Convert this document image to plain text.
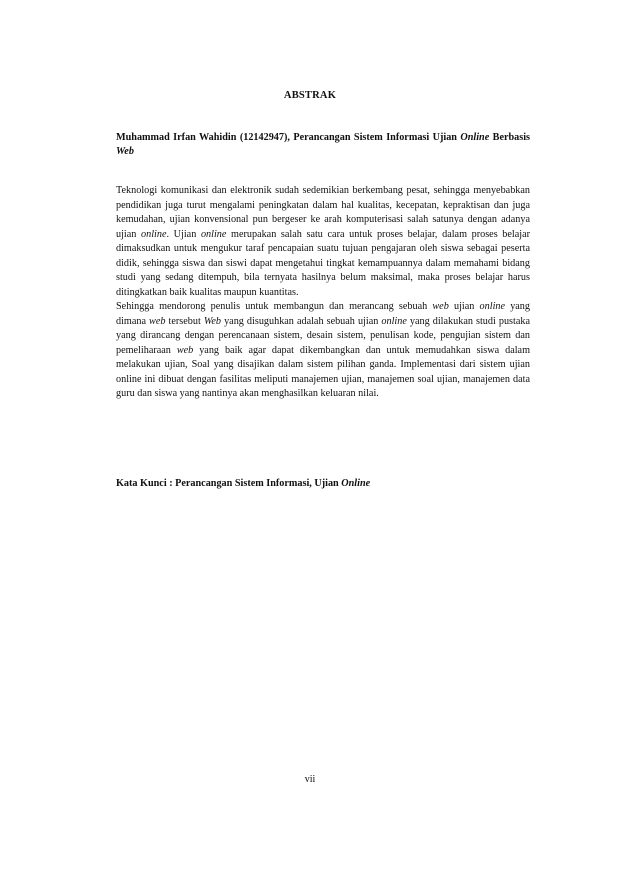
ABSTRAK
Muhammad Irfan Wahidin (12142947), Perancangan Sistem Informasi Ujian Online Berbasis Web

Teknologi komunikasi dan elektronik sudah sedemikian berkembang pesat, sehingga menyebabkan pendidikan juga turut mengalami peningkatan dalam hal kualitas, kecepatan, kepraktisan dan juga kemudahan, ujian konvensional pun bergeser ke arah komputerisasi salah satunya dengan adanya ujian online. Ujian online merupakan salah satu cara untuk proses belajar, dalam proses belajar dimaksudkan untuk mengukur taraf pencapaian suatu tujuan pengajaran oleh siswa sebagai peserta didik, sehingga siswa dan siswi dapat mengetahui tingkat kemampuannya dalam memahami bidang studi yang sedang ditempuh, bila ternyata hasilnya belum maksimal, maka proses belajar harus ditingkatkan baik kualitas maupun kuantitas.

Sehingga mendorong penulis untuk membangun dan merancang sebuah web ujian online yang dimana web tersebut Web yang disuguhkan adalah sebuah ujian online yang dilakukan studi pustaka yang dirancang dengan perencanaan sistem, desain sistem, penulisan kode, pengujian sistem dan pemeliharaan web yang baik agar dapat dikembangkan dan untuk memudahkan siswa dalam melakukan ujian, Soal yang disajikan dalam sistem pilihan ganda. Implementasi dari sistem ujian online ini dibuat dengan fasilitas meliputi manajemen ujian, manajemen soal ujian, manajemen data guru dan siswa yang nantinya akan menghasilkan keluaran nilai.

Kata Kunci : Perancangan Sistem Informasi, Ujian Online
vii
